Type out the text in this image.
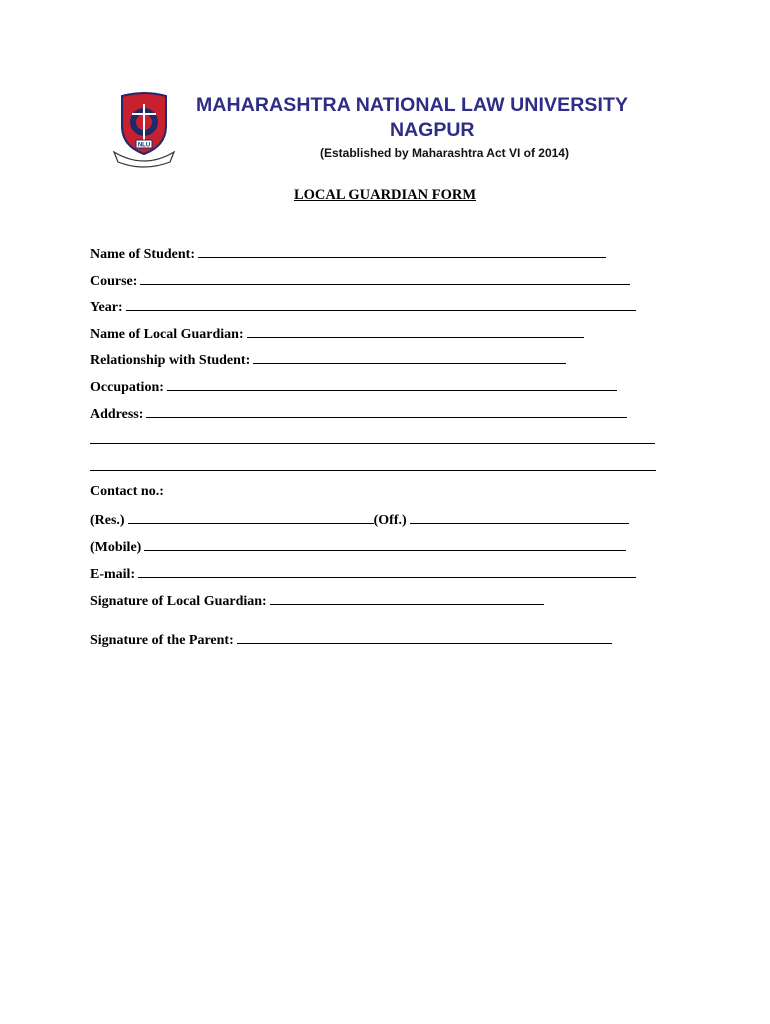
NLU
MAHARASHTRA NATIONAL LAW UNIVERSITY
NAGPUR
(Established by Maharashtra Act VI of 2014)
LOCAL GUARDIAN FORM
Name of Student:
Course:
Year:
Name of Local Guardian:
Relationship with Student:
Occupation:
Address:
Contact no.:
(Res.)	(Off.)
(Mobile)
E-mail:
Signature of Local Guardian:
Signature of the Parent:
